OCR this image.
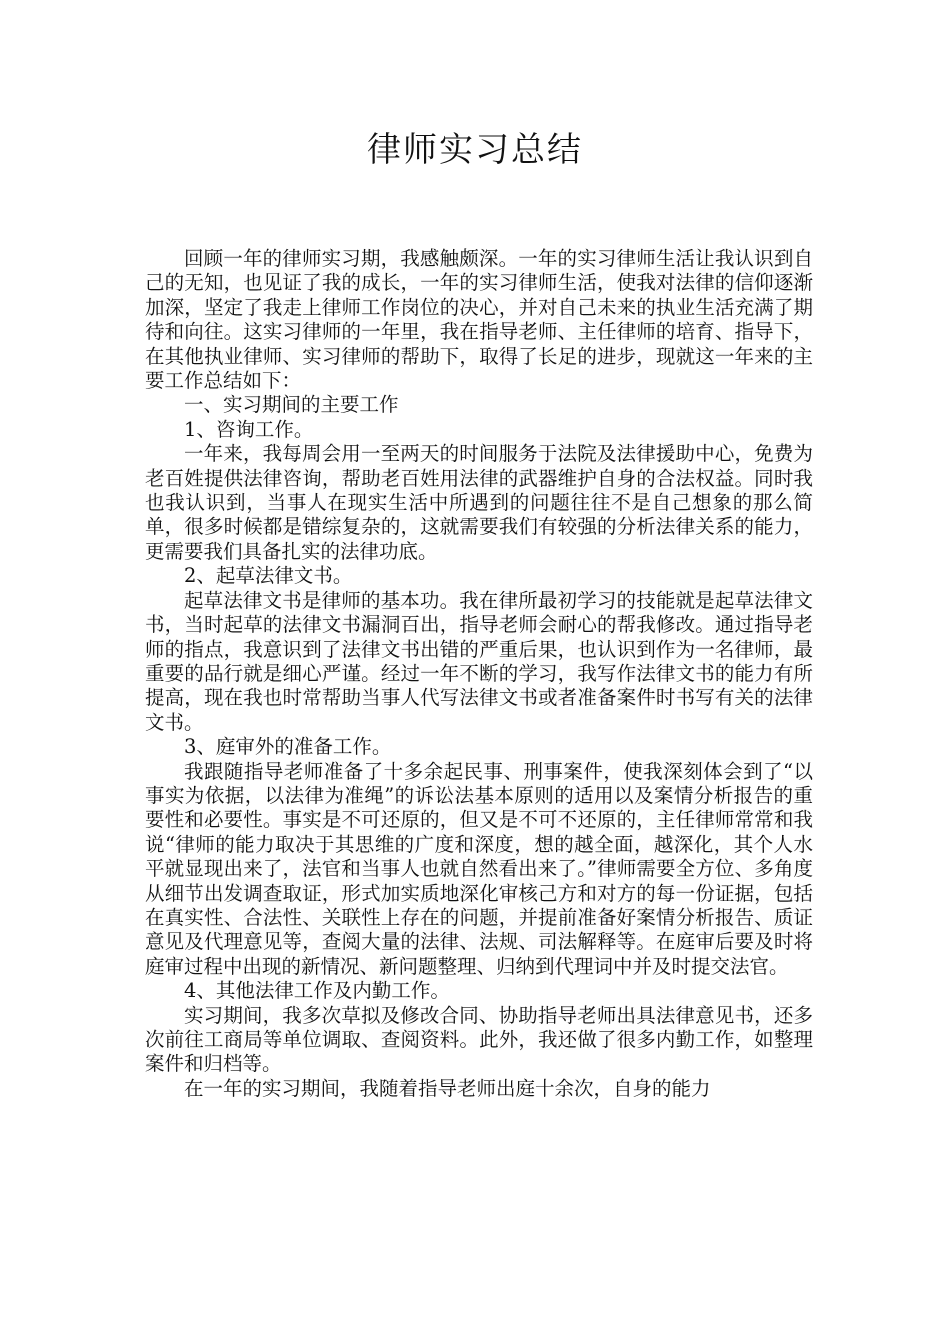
律师实习总结

回顾一年的律师实习期，我感触颇深。一年的实习律师生活让我认识到自己的无知，也见证了我的成长，一年的实习律师生活，使我对法律的信仰逐渐加深，坚定了我走上律师工作岗位的决心，并对自己未来的执业生活充满了期待和向往。这实习律师的一年里，我在指导老师、主任律师的培育、指导下，在其他执业律师、实习律师的帮助下，取得了长足的进步，现就这一年来的主要工作总结如下：

一、实习期间的主要工作

1、咨询工作。

一年来，我每周会用一至两天的时间服务于法院及法律援助中心，免费为老百姓提供法律咨询，帮助老百姓用法律的武器维护自身的合法权益。同时我也我认识到，当事人在现实生活中所遇到的问题往往不是自己想象的那么简单，很多时候都是错综复杂的，这就需要我们有较强的分析法律关系的能力，更需要我们具备扎实的法律功底。

2、起草法律文书。

起草法律文书是律师的基本功。我在律所最初学习的技能就是起草法律文书，当时起草的法律文书漏洞百出，指导老师会耐心的帮我修改。通过指导老师的指点，我意识到了法律文书出错的严重后果，也认识到作为一名律师，最重要的品行就是细心严谨。经过一年不断的学习，我写作法律文书的能力有所提高，现在我也时常帮助当事人代写法律文书或者准备案件时书写有关的法律文书。

3、庭审外的准备工作。

我跟随指导老师准备了十多余起民事、刑事案件，使我深刻体会到了“以事实为依据，以法律为准绳”的诉讼法基本原则的适用以及案情分析报告的重要性和必要性。事实是不可还原的，但又是不可不还原的，主任律师常常和我说“律师的能力取决于其思维的广度和深度，想的越全面，越深化，其个人水平就显现出来了，法官和当事人也就自然看出来了。”律师需要全方位、多角度从细节出发调查取证，形式加实质地深化审核己方和对方的每一份证据，包括在真实性、合法性、关联性上存在的问题，并提前准备好案情分析报告、质证意见及代理意见等，查阅大量的法律、法规、司法解释等。在庭审后要及时将庭审过程中出现的新情况、新问题整理、归纳到代理词中并及时提交法官。

4、其他法律工作及内勤工作。

实习期间，我多次草拟及修改合同、协助指导老师出具法律意见书，还多次前往工商局等单位调取、查阅资料。此外，我还做了很多内勤工作，如整理案件和归档等。

在一年的实习期间，我随着指导老师出庭十余次，自身的能力
